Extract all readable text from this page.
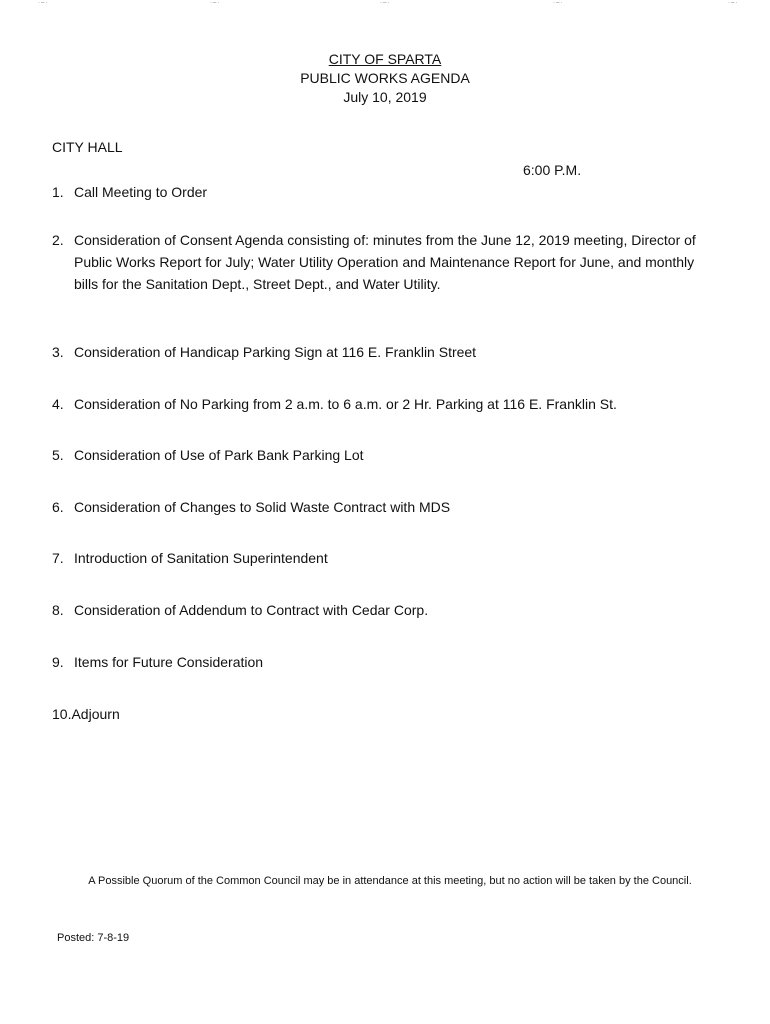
·–·	·–·	·–·	·–·	·–·
CITY OF SPARTA
PUBLIC WORKS AGENDA
July 10, 2019
CITY HALL
6:00 P.M.
1. Call Meeting to Order
2. Consideration of Consent Agenda consisting of: minutes from the June 12, 2019 meeting, Director of Public Works Report for July; Water Utility Operation and Maintenance Report for June, and monthly bills for the Sanitation Dept., Street Dept., and Water Utility.
3. Consideration of Handicap Parking Sign at 116 E. Franklin Street
4. Consideration of No Parking from 2 a.m. to 6 a.m. or 2 Hr. Parking at 116 E. Franklin St.
5. Consideration of Use of Park Bank Parking Lot
6. Consideration of Changes to Solid Waste Contract with MDS
7. Introduction of Sanitation Superintendent
8. Consideration of Addendum to Contract with Cedar Corp.
9. Items for Future Consideration
10. Adjourn
A Possible Quorum of the Common Council may be in attendance at this meeting, but no action will be taken by the Council.
Posted: 7-8-19
